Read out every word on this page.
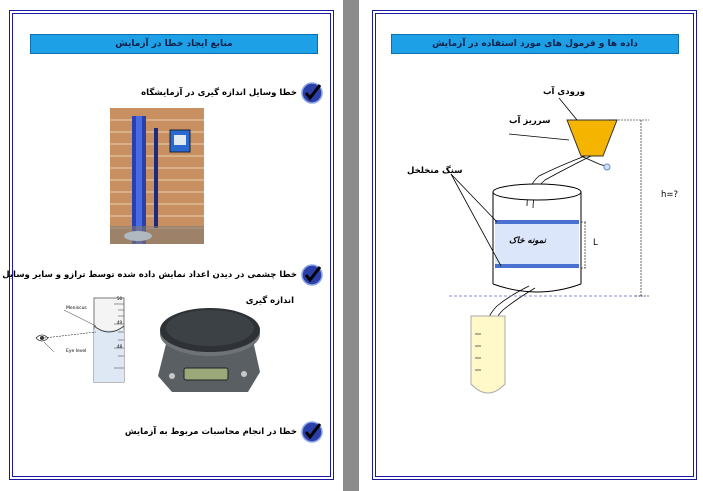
منابع ایجاد خطا در آزمایش
خطا وسایل اندازه گیری در آزمایشگاه
خطا چشمی در دیدن اعداد نمایش داده شده توسط ترازو و سایر وسایل
اندازه گیری
Meniscus
Eye level
50
49
48
خطا در انجام محاسبات مربوط به آزمایش
داده ها و فرمول های مورد استفاده در آزمایش
ورودی آب
سرریز آب
سنگ منخلخل
نمونه خاک	L
h=?
